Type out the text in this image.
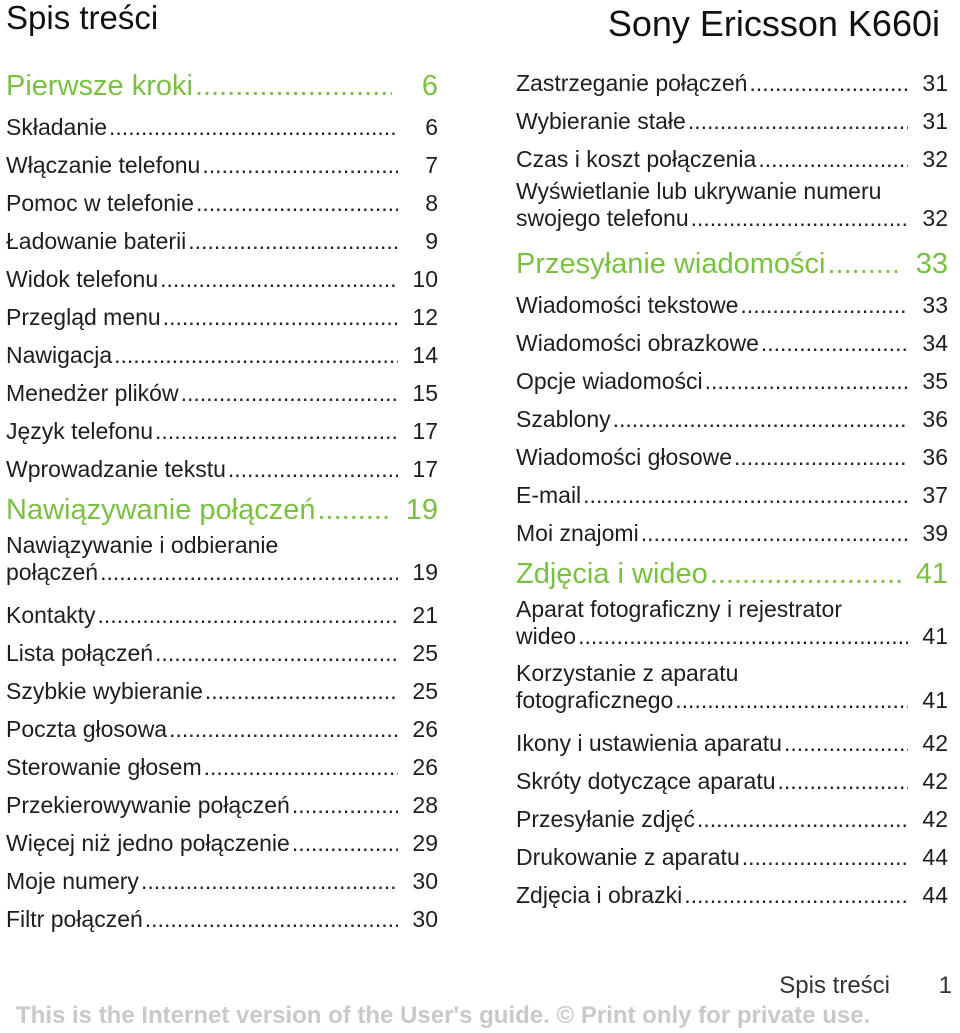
Spis treści	Sony Ericsson K660i
Pierwsze kroki .....	6
Składanie .....	6
Włączanie telefonu .....	7
Pomoc w telefonie .....	8
Ładowanie baterii .....	9
Widok telefonu .....	10
Przegląd menu .....	12
Nawigacja .....	14
Menedżer plików .....	15
Język telefonu .....	17
Wprowadzanie tekstu .....	17
Nawiązywanie połączeń .....	19
Nawiązywanie i odbieranie
połączeń .....	19
Kontakty .....	21
Lista połączeń .....	25
Szybkie wybieranie .....	25
Poczta głosowa .....	26
Sterowanie głosem .....	26
Przekierowywanie połączeń .....	28
Więcej niż jedno połączenie .....	29
Moje numery .....	30
Filtr połączeń .....	30
Zastrzeganie połączeń .....	31
Wybieranie stałe .....	31
Czas i koszt połączenia .....	32
Wyświetlanie lub ukrywanie numeru
swojego telefonu .....	32
Przesyłanie wiadomości .....	33
Wiadomości tekstowe .....	33
Wiadomości obrazkowe .....	34
Opcje wiadomości .....	35
Szablony .....	36
Wiadomości głosowe .....	36
E-mail .....	37
Moi znajomi .....	39
Zdjęcia i wideo .....	41
Aparat fotograficzny i rejestrator
wideo .....	41
Korzystanie z aparatu
fotograficznego .....	41
Ikony i ustawienia aparatu .....	42
Skróty dotyczące aparatu .....	42
Przesyłanie zdjęć .....	42
Drukowanie z aparatu .....	44
Zdjęcia i obrazki .....	44
Spis treści 1
This is the Internet version of the User's guide. © Print only for private use.
